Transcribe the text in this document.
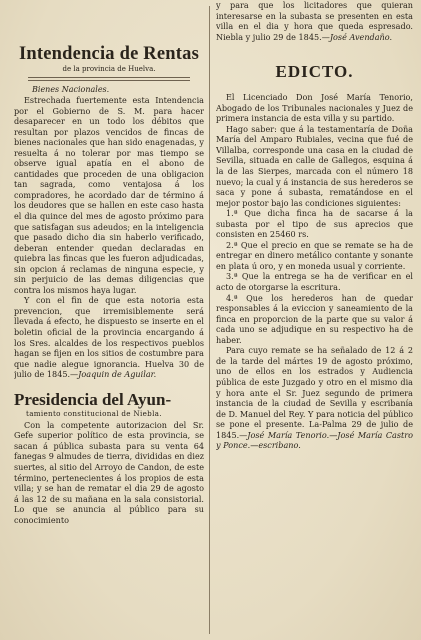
Intendencia de Rentas
de la provincia de Huelva.
Bienes Nacionales.

Estrechada fuertemente esta Intendencia por el Gobierno de S. M. para hacer desaparecer en un todo los débitos que resultan por plazos vencidos de fincas de bienes nacionales que han sido enagenadas, y resuelta á no tolerar por mas tiempo se observe igual apatía en el abono de cantidades que proceden de una obligacion tan sagrada, como ventajosa á los compradores, he acordado dar de término á los deudores que se hallen en este caso hasta el dia quince del mes de agosto próximo para que satisfagan sus adeudos; en la inteligencia que pasado dicho dia sin haberlo verificado, deberan entender quedan declaradas en quiebra las fincas que les fueron adjudicadas, sin opcion á reclamas de ninguna especie, y sin perjuicio de las demas diligencias que contra los mismos haya lugar.

Y con el fin de que esta notoria esta prevencion, que irremisiblemente será llevada á efecto, he dispuesto se inserte en el boletin oficial de la provincia encargando á los Sres. alcaldes de los respectivos pueblos hagan se fijen en los sitios de costumbre para que nadie alegue ignorancia. Huelva 30 de julio de 1845.—Joaquin de Aguilar.

Presidencia del Ayun-
tamiento constitucional de Niebla.

Con la competente autorizacion del Sr. Gefe superior político de esta provincia, se sacan á pública subasta para su venta 64 fanegas 9 almudes de tierra, divididas en diez suertes, al sitio del Arroyo de Candon, de este término, pertenecientes á los propios de esta villa; y se han de rematar el dia 29 de agosto á las 12 de su mañana en la sala consistorial. Lo que se anuncia al público para su conocimiento

y para que los licitadores que quieran interesarse en la subasta se presenten en esta villa en el dia y hora que queda espresado. Niebla y julio 29 de 1845.—José Avendaño.

EDICTO.

El Licenciado Don José María Tenorio, Abogado de los Tribunales nacionales y Juez de primera instancia de esta villa y su partido.

Hago saber: que á la testamentaría de Doña María del Amparo Rubiales, vecina que fué de Villalba, corresponde una casa en la ciudad de Sevilla, situada en calle de Gallegos, esquina á la de las Sierpes, marcada con el número 18 nuevo; la cual y á instancia de sus herederos se saca y pone á subasta, rematándose en el mejor postor bajo las condiciones siguientes:

1.ª Que dicha finca ha de sacarse á la subasta por el tipo de sus aprecios que consisten en 25460 rs.

2.ª Que el precio en que se remate se ha de entregar en dinero metálico contante y sonante en plata ú oro, y en moneda usual y corriente.

3.ª Que la entrega se ha de verificar en el acto de otorgarse la escritura.

4.ª Que los herederos han de quedar responsables á la eviccion y saneamiento de la finca en proporcion de la parte que su valor á cada uno se adjudique en su respectivo ha de haber.

Para cuyo remate se ha señalado de 12 á 2 de la tarde del mártes 19 de agosto próximo, uno de ellos en los estrados y Audiencia pública de este Juzgado y otro en el mismo dia y hora ante el Sr. Juez segundo de primera instancia de la ciudad de Sevilla y escribanía de D. Manuel del Rey. Y para noticia del público se pone el presente. La-Palma 29 de julio de 1845.—José María Tenorio.—José María Castro y Ponce.—escribano.
